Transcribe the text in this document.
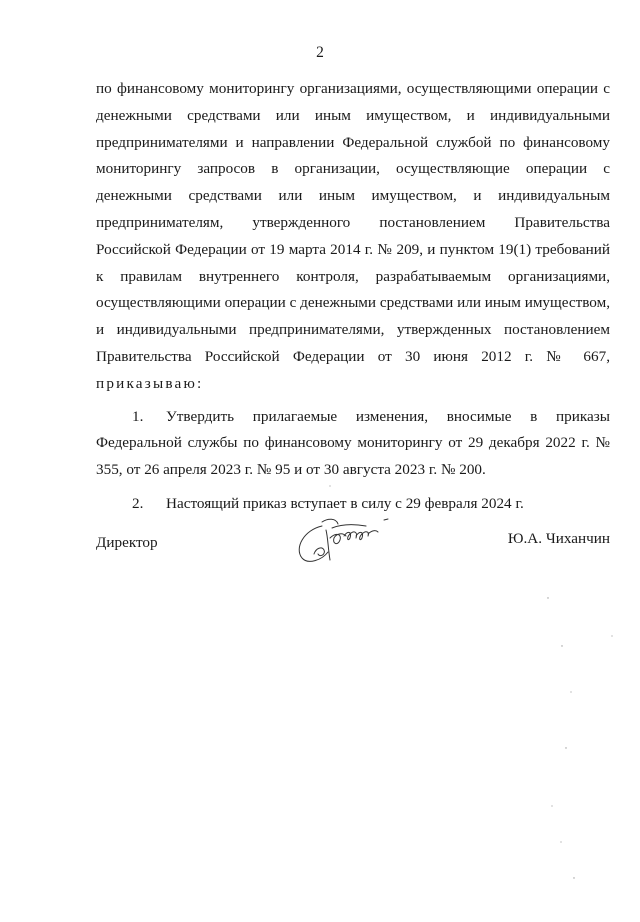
2

по финансовому мониторингу организациями, осуществляющими операции с денежными средствами или иным имуществом, и индивидуальными предпринимателями и направлении Федеральной службой по финансовому мониторингу запросов в организации, осуществляющие операции с денежными средствами или иным имуществом, и индивидуальным предпринимателям, утвержденного постановлением Правительства Российской Федерации от 19 марта 2014 г. № 209, и пунктом 19(1) требований к правилам внутреннего контроля, разрабатываемым организациями, осуществляющими операции с денежными средствами или иным имуществом, и индивидуальными предпринимателями, утвержденных постановлением Правительства Российской Федерации от 30 июня 2012 г. № 667, приказываю:

1. Утвердить прилагаемые изменения, вносимые в приказы Федеральной службы по финансовому мониторингу от 29 декабря 2022 г. № 355, от 26 апреля 2023 г. № 95 и от 30 августа 2023 г. № 200.

2. Настоящий приказ вступает в силу с 29 февраля 2024 г.

Директор	Ю.А. Чиханчин
